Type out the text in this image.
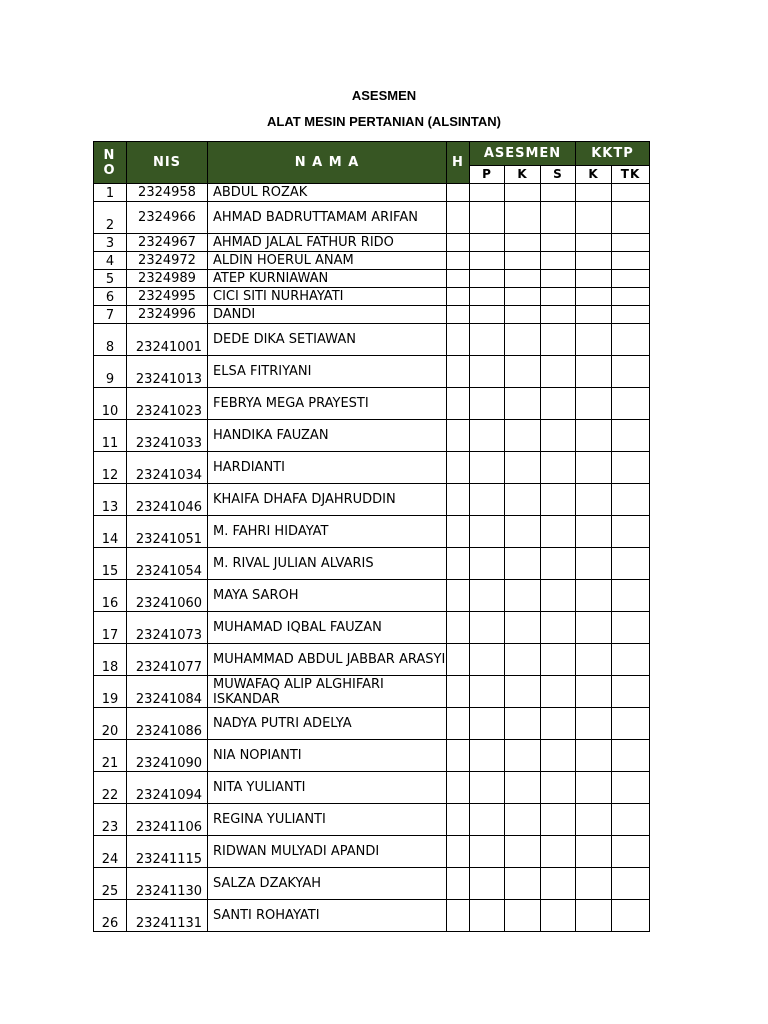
ASESMEN
ALAT MESIN PERTANIAN (ALSINTAN)
N O	NIS	N A M A	H	ASESMEN			KKTP	
				P	K	S	K	TK
1	2324958	ABDUL ROZAK						
2	2324966	AHMAD BADRUTTAMAM ARIFAN						
3	2324967	AHMAD JALAL FATHUR RIDO						
4	2324972	ALDIN HOERUL ANAM						
5	2324989	ATEP KURNIAWAN						
6	2324995	CICI SITI NURHAYATI						
7	2324996	DANDI						
8	23241001	DEDE DIKA SETIAWAN						
9	23241013	ELSA FITRIYANI						
10	23241023	FEBRYA MEGA PRAYESTI						
11	23241033	HANDIKA FAUZAN						
12	23241034	HARDIANTI						
13	23241046	KHAIFA DHAFA DJAHRUDDIN						
14	23241051	M. FAHRI HIDAYAT						
15	23241054	M. RIVAL JULIAN ALVARIS						
16	23241060	MAYA SAROH						
17	23241073	MUHAMAD IQBAL FAUZAN						
18	23241077	MUHAMMAD ABDUL JABBAR ARASYI						
19	23241084	MUWAFAQ ALIP ALGHIFARI ISKANDAR						
20	23241086	NADYA PUTRI ADELYA						
21	23241090	NIA NOPIANTI						
22	23241094	NITA YULIANTI						
23	23241106	REGINA YULIANTI						
24	23241115	RIDWAN MULYADI APANDI						
25	23241130	SALZA DZAKYAH						
26	23241131	SANTI ROHAYATI						
